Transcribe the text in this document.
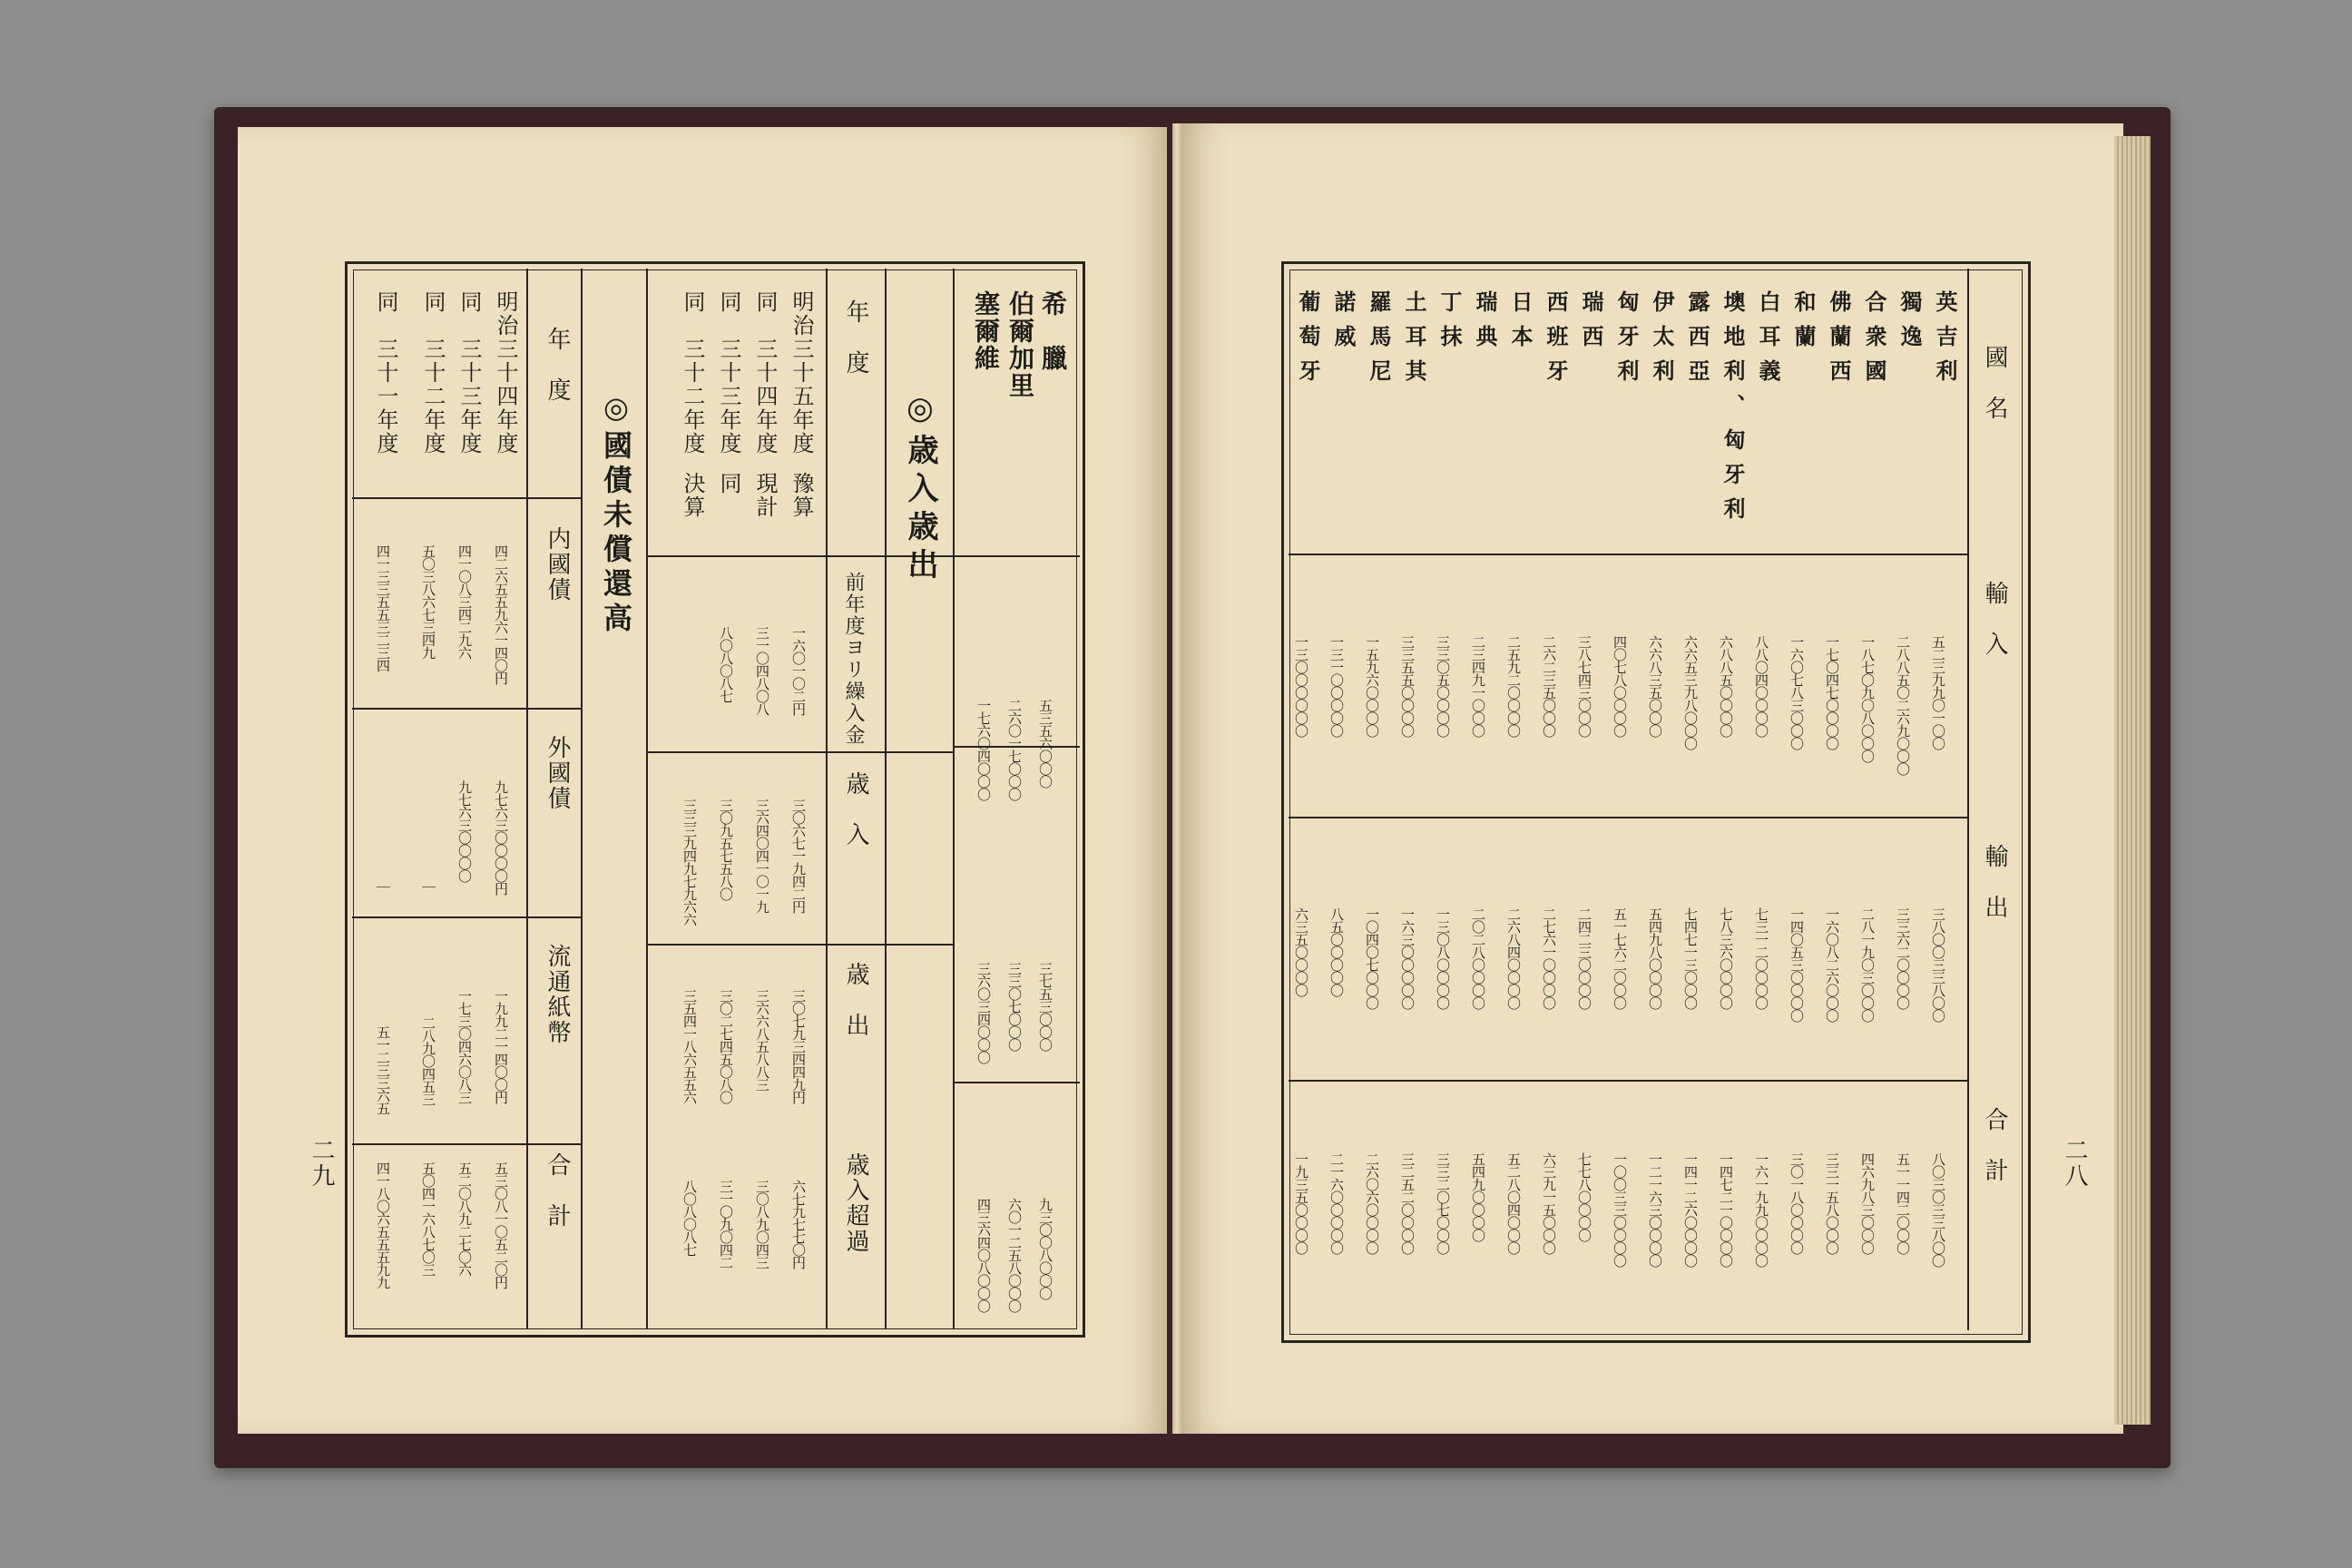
希　臘
伯爾加里
塞爾維
五三五六〇〇〇
二六〇一七〇〇〇
一七六〇四〇〇〇
三七五三〇〇〇
三三〇七〇〇〇
三六〇三四〇〇〇
九三〇〇八〇〇〇
六〇一二五八〇〇〇
四三六四〇八〇〇〇
◎歳入歳出
年　度
前年度ヨリ繰入金
歳　入
歳　出
歳入超過
明治三十五年度
同　三十四年度
同　三十三年度
同　三十二年度
豫算
現計
同
決算
一六〇一〇二円
三一〇四八〇八
八〇八〇八七
三〇六七一九四二円
三六四〇四一〇一九
三〇九五七五八〇
三三三九四九七九六六
三〇七九三四四九円
三六六八五八八三
三〇二七四五〇八〇
三五四一八六五五六
六七九七七〇円
三〇八九〇四三
三一〇九〇四二
八〇八〇八七
◎國債未償還高
年　度
内國債
外國債
流通紙幣
合　計
明治三十四年度
同　三十三年度
同　三十二年度
同　三十一年度
四二六五五九六一四〇円
四一〇八三四二九六
五〇三八六七三四九
四一三三五五三二三四
九七六三〇〇〇〇円
九七六三〇〇〇〇
｜
｜
一九九二一四〇〇円
一七三〇四六〇八三
二八九〇四五三
五一二三三六五
五三〇八一〇五二〇円
五二〇八九二七〇六
五〇四一六八七〇三
四一八〇六五五五九九
二九
國　名
輸　入
輸　出
合　計
英吉利
五二三九九〇一〇〇
三八〇〇三三八〇〇
八〇三〇三三八〇〇
獨逸
二八八五〇二六九〇〇〇
三三六二〇〇〇〇
五一一四二〇〇〇
合衆國
一八七〇九〇八〇〇〇
二八一九〇三〇〇〇
四六九八三〇〇〇
佛蘭西
一七〇四七〇〇〇〇
一六〇八二六〇〇〇
三三一五八〇〇〇
和蘭
一六〇七八三〇〇〇
一四〇五三〇〇〇〇
三〇一八〇〇〇〇
白耳義
八八〇四〇〇〇〇
七三一二〇〇〇〇
一六一九九〇〇〇〇
墺地利、匈牙利
六八八五〇〇〇〇
七八三六〇〇〇〇
一四七二一〇〇〇〇
露西亞
六六五三九八〇〇〇
七四七一三〇〇〇
一四一二六〇〇〇〇
伊太利
六六八三五〇〇〇
五四九八〇〇〇〇
一二一六三〇〇〇〇
匈牙利
四〇七八〇〇〇〇
五一七六二〇〇〇
一〇〇三三〇〇〇〇
瑞西
三八七四三〇〇〇
二四二三〇〇〇〇
七七八〇〇〇〇
西班牙
二六二三五〇〇〇
二七六一〇〇〇〇
六三九一五〇〇〇
日本
二五九二〇〇〇〇
二六八四〇〇〇〇
五二八〇四〇〇〇
瑞典
二三四九一〇〇〇
二〇二八〇〇〇〇
五四九〇〇〇〇
丁抹
三三〇五〇〇〇〇
一三〇八〇〇〇〇
三三二〇七〇〇〇
土耳其
三三五五〇〇〇〇
一六三〇〇〇〇〇
三二五二〇〇〇〇
羅馬尼
一五九六〇〇〇〇
一〇四〇七〇〇〇
二六〇六〇〇〇〇
諾威
一三一〇〇〇〇〇
八五〇〇〇〇〇
二一六〇〇〇〇〇
葡萄牙
一三〇〇〇〇〇〇
六三五〇〇〇〇
一九三五〇〇〇〇	二八
